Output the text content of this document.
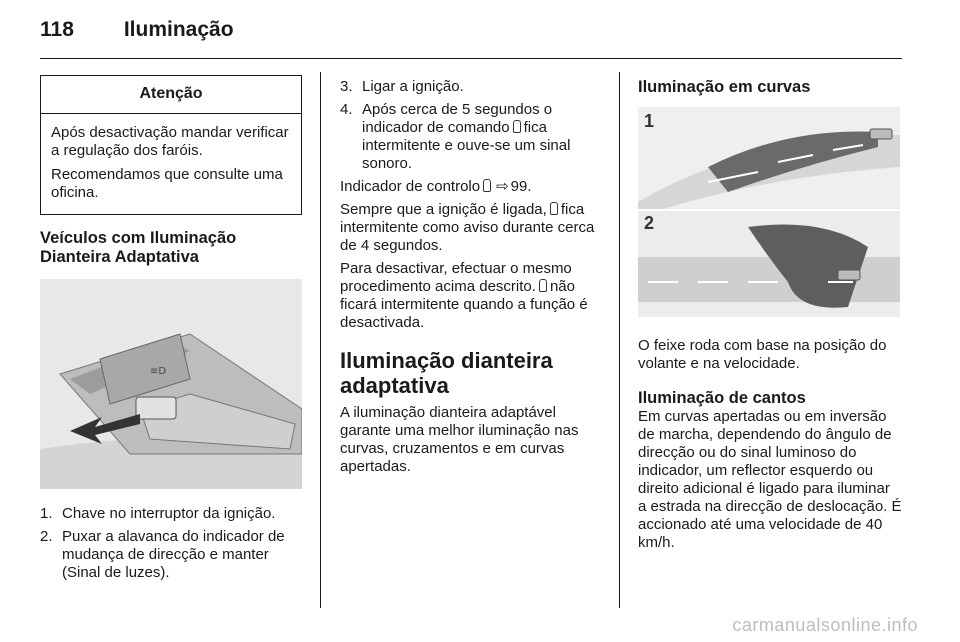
118 Iluminação
Atenção

Após desactivação mandar verificar a regulação dos faróis.

Recomendamos que consulte uma oficina.

Veículos com Iluminação Dianteira Adaptativa
≡D
1. Chave no interruptor da ignição.
2. Puxar a alavanca do indicador de mudança de direcção e manter (Sinal de luzes).
3. Ligar a ignição.
4. Após cerca de 5 segundos o indicador de comando fica intermitente e ouve-se um sinal sonoro.

Indicador de controlo ⇨ 99.

Sempre que a ignição é ligada, fica intermitente como aviso durante cerca de 4 segundos.

Para desactivar, efectuar o mesmo procedimento acima descrito. não ficará intermitente quando a função é desactivada.

Iluminação dianteira adaptativa

A iluminação dianteira adaptável garante uma melhor iluminação nas curvas, cruzamentos e em curvas apertadas.

Iluminação em curvas
1
2

O feixe roda com base na posição do volante e na velocidade.

Iluminação de cantos

Em curvas apertadas ou em inversão de marcha, dependendo do ângulo de direcção ou do sinal luminoso do indicador, um reflector esquerdo ou direito adicional é ligado para iluminar a estrada na direcção de deslocação. É accionado até uma velocidade de 40 km/h.

carmanualsonline.info
